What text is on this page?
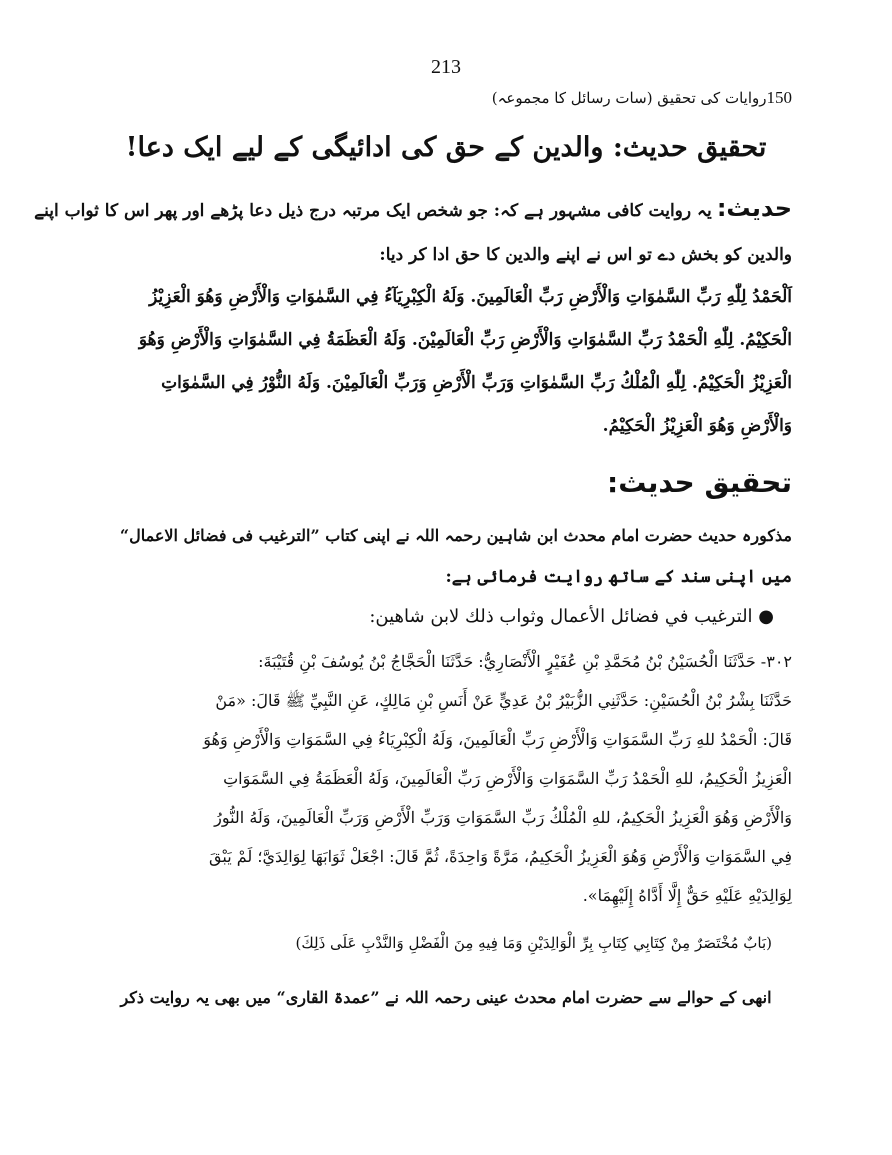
213
150روایات کی تحقیق (سات رسائل کا مجموعہ)
تحقیق حدیث: والدین کے حق کی ادائیگی کے لیے ایک دعا!
حدیث: یہ روایت کافی مشہور ہے کہ: جو شخص ایک مرتبہ درج ذیل دعا پڑھے اور پھر اس کا ثواب اپنے
والدین کو بخش دے تو اس نے اپنے والدین کا حق ادا کر دیا:
اَلْحَمْدُ لِلّٰهِ رَبِّ السَّمٰوَاتِ وَالْأَرْضِ رَبِّ الْعَالَمِينَ. وَلَهُ الْكِبْرِيَآءُ فِي السَّمٰوَاتِ وَالْأَرْضِ وَهُوَ الْعَزِيْزُ
الْحَكِيْمُ. لِلّٰهِ الْحَمْدُ رَبِّ السَّمٰوَاتِ وَالْأَرْضِ رَبِّ الْعَالَمِيْنَ. وَلَهُ الْعَظَمَةُ فِي السَّمٰوَاتِ وَالْأَرْضِ وَهُوَ
الْعَزِيْزُ الْحَكِيْمُ. لِلّٰهِ الْمُلْكُ رَبِّ السَّمٰوَاتِ وَرَبِّ الْأَرْضِ وَرَبِّ الْعَالَمِيْنَ. وَلَهُ النُّوْرُ فِي السَّمٰوَاتِ
وَالْأَرْضِ وَهُوَ الْعَزِيْزُ الْحَكِيْمُ.
تحقیق حدیث:
مذکورہ حدیث حضرت امام محدث ابن شاہین رحمہ اللہ نے اپنی کتاب ”الترغیب فی فضائل الاعمال“
میں اپنی سند کے ساتھ روایت فرمائی ہے:
● الترغيب في فضائل الأعمال وثواب ذلك لابن شاهين:
٣٠٢- حَدَّثَنَا الْحُسَيْنُ بْنُ مُحَمَّدِ بْنِ عُفَيْرٍ الْأَنْصَارِيُّ: حَدَّثَنَا الْحَجَّاجُ بْنُ يُوسُفَ بْنِ قُتَيْبَةَ:
حَدَّثَنَا بِشْرُ بْنُ الْحُسَيْنِ: حَدَّثَنِي الزُّبَيْرُ بْنُ عَدِيٍّ عَنْ أَنَسِ بْنِ مَالِكٍ، عَنِ النَّبِيِّ ﷺ قَالَ: «مَنْ
قَالَ: الْحَمْدُ للهِ رَبِّ السَّمَوَاتِ وَالْأَرْضِ رَبِّ الْعَالَمِينَ، وَلَهُ الْكِبْرِيَاءُ فِي السَّمَوَاتِ وَالْأَرْضِ وَهُوَ
الْعَزِيزُ الْحَكِيمُ، للهِ الْحَمْدُ رَبِّ السَّمَوَاتِ وَالْأَرْضِ رَبِّ الْعَالَمِينَ، وَلَهُ الْعَظَمَةُ فِي السَّمَوَاتِ
وَالْأَرْضِ وَهُوَ الْعَزِيزُ الْحَكِيمُ، للهِ الْمُلْكُ رَبِّ السَّمَوَاتِ وَرَبِّ الْأَرْضِ وَرَبِّ الْعَالَمِينَ، وَلَهُ النُّورُ
فِي السَّمَوَاتِ وَالْأَرْضِ وَهُوَ الْعَزِيزُ الْحَكِيمُ، مَرَّةً وَاحِدَةً، ثُمَّ قَالَ: اجْعَلْ ثَوَابَهَا لِوَالِدَيَّ؛ لَمْ يَبْقَ
لِوَالِدَيْهِ عَلَيْهِ حَقٌّ إِلَّا أَدَّاهُ إِلَيْهِمَا».
(بَابٌ مُخْتَصَرٌ مِنْ كِتَابِي كِتَابِ بِرِّ الْوَالِدَيْنِ وَمَا فِيهِ مِنَ الْفَضْلِ وَالنَّدْبِ عَلَى ذَلِكَ)
انھی کے حوالے سے حضرت امام محدث عینی رحمہ اللہ نے ”عمدۃ القاری“ میں بھی یہ روایت ذکر
